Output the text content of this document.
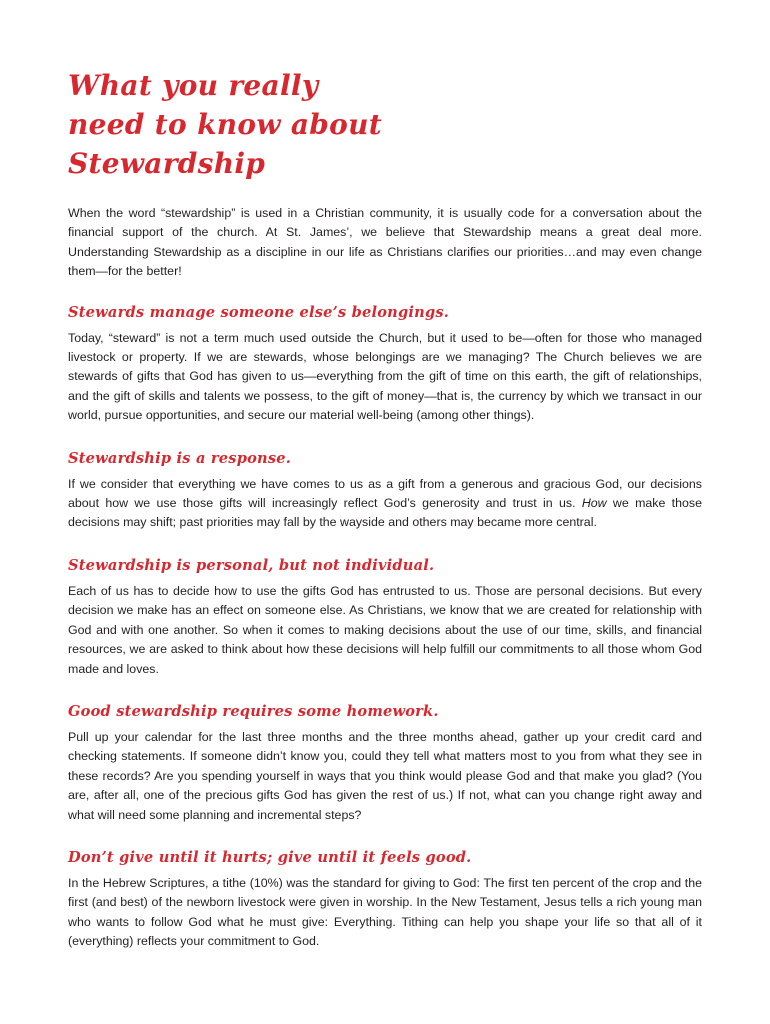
What you really
need to know about
Stewardship

When the word “stewardship” is used in a Christian community, it is usually code for a conversation about the financial support of the church. At St. James’, we believe that Stewardship means a great deal more. Understanding Stewardship as a discipline in our life as Christians clarifies our priorities…and may even change them—for the better!

Stewards manage someone else’s belongings.

Today, “steward” is not a term much used outside the Church, but it used to be—often for those who managed livestock or property. If we are stewards, whose belongings are we managing? The Church believes we are stewards of gifts that God has given to us—everything from the gift of time on this earth, the gift of relationships, and the gift of skills and talents we possess, to the gift of money—that is, the currency by which we transact in our world, pursue opportunities, and secure our material well-being (among other things).

Stewardship is a response.

If we consider that everything we have comes to us as a gift from a generous and gracious God, our decisions about how we use those gifts will increasingly reflect God’s generosity and trust in us. How we make those decisions may shift; past priorities may fall by the wayside and others may became more central.

Stewardship is personal, but not individual.

Each of us has to decide how to use the gifts God has entrusted to us. Those are personal decisions. But every decision we make has an effect on someone else. As Christians, we know that we are created for relationship with God and with one another. So when it comes to making decisions about the use of our time, skills, and financial resources, we are asked to think about how these decisions will help fulfill our commitments to all those whom God made and loves.

Good stewardship requires some homework.

Pull up your calendar for the last three months and the three months ahead, gather up your credit card and checking statements. If someone didn’t know you, could they tell what matters most to you from what they see in these records? Are you spending yourself in ways that you think would please God and that make you glad? (You are, after all, one of the precious gifts God has given the rest of us.) If not, what can you change right away and what will need some planning and incremental steps?

Don’t give until it hurts; give until it feels good.

In the Hebrew Scriptures, a tithe (10%) was the standard for giving to God: The first ten percent of the crop and the first (and best) of the newborn livestock were given in worship. In the New Testament, Jesus tells a rich young man who wants to follow God what he must give: Everything. Tithing can help you shape your life so that all of it (everything) reflects your commitment to God.
